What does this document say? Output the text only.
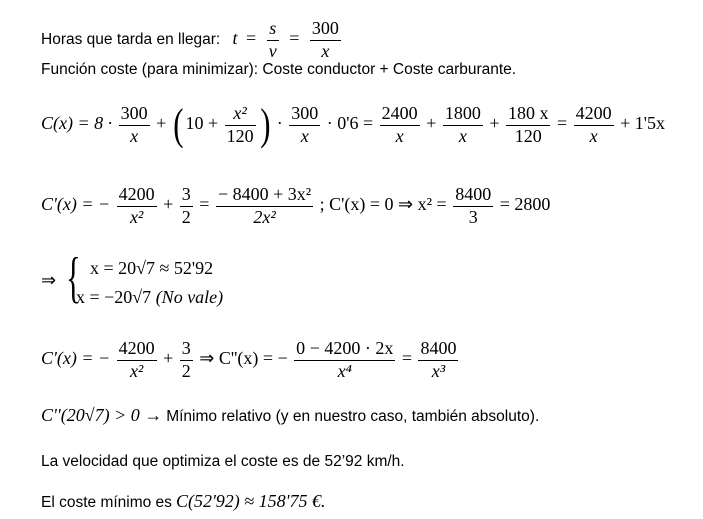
Horas que tarda en llegar: $t = \frac{s}{v} = \frac{300}{x}$
Función coste (para minimizar): Coste conductor + Coste carburante.
$C(x) = 8 \cdot \frac{300}{x}$ + ( $10 + \frac{\text{x²}}{120}$ ) · $\frac{300}{x} \cdot 0'6 = \frac{2400}{x} + \frac{1800}{x} + \frac{180 x}{120} = \frac{4200}{x} + 1'5x$
C'(x) = − $\frac{4200}{\text{x²}} + \frac{3}{2} = \frac{\text{− 8400 + 3x²}}{\text{2x²}}$ ; C'(x) = 0 ⇒ $x^2 = \frac{8400}{3} = 2800$
⇒ { x = 20√7 ≈ 52'92
x = −20√7 (No vale)
C'(x) = − $\frac{4200}{\text{x²}} + \frac{3}{2}$ ⇒ C''(x) = − $\frac{0 - 4200 \cdot 2x}{\text{x⁴}} = \frac{8400}{\text{x³}}$
C''(20√7) > 0 → Mínimo relativo (y en nuestro caso, también absoluto).
La velocidad que optimiza el coste es de 52’92 km/h.
El coste mínimo es C(52'92) ≈ 158'75 €.
